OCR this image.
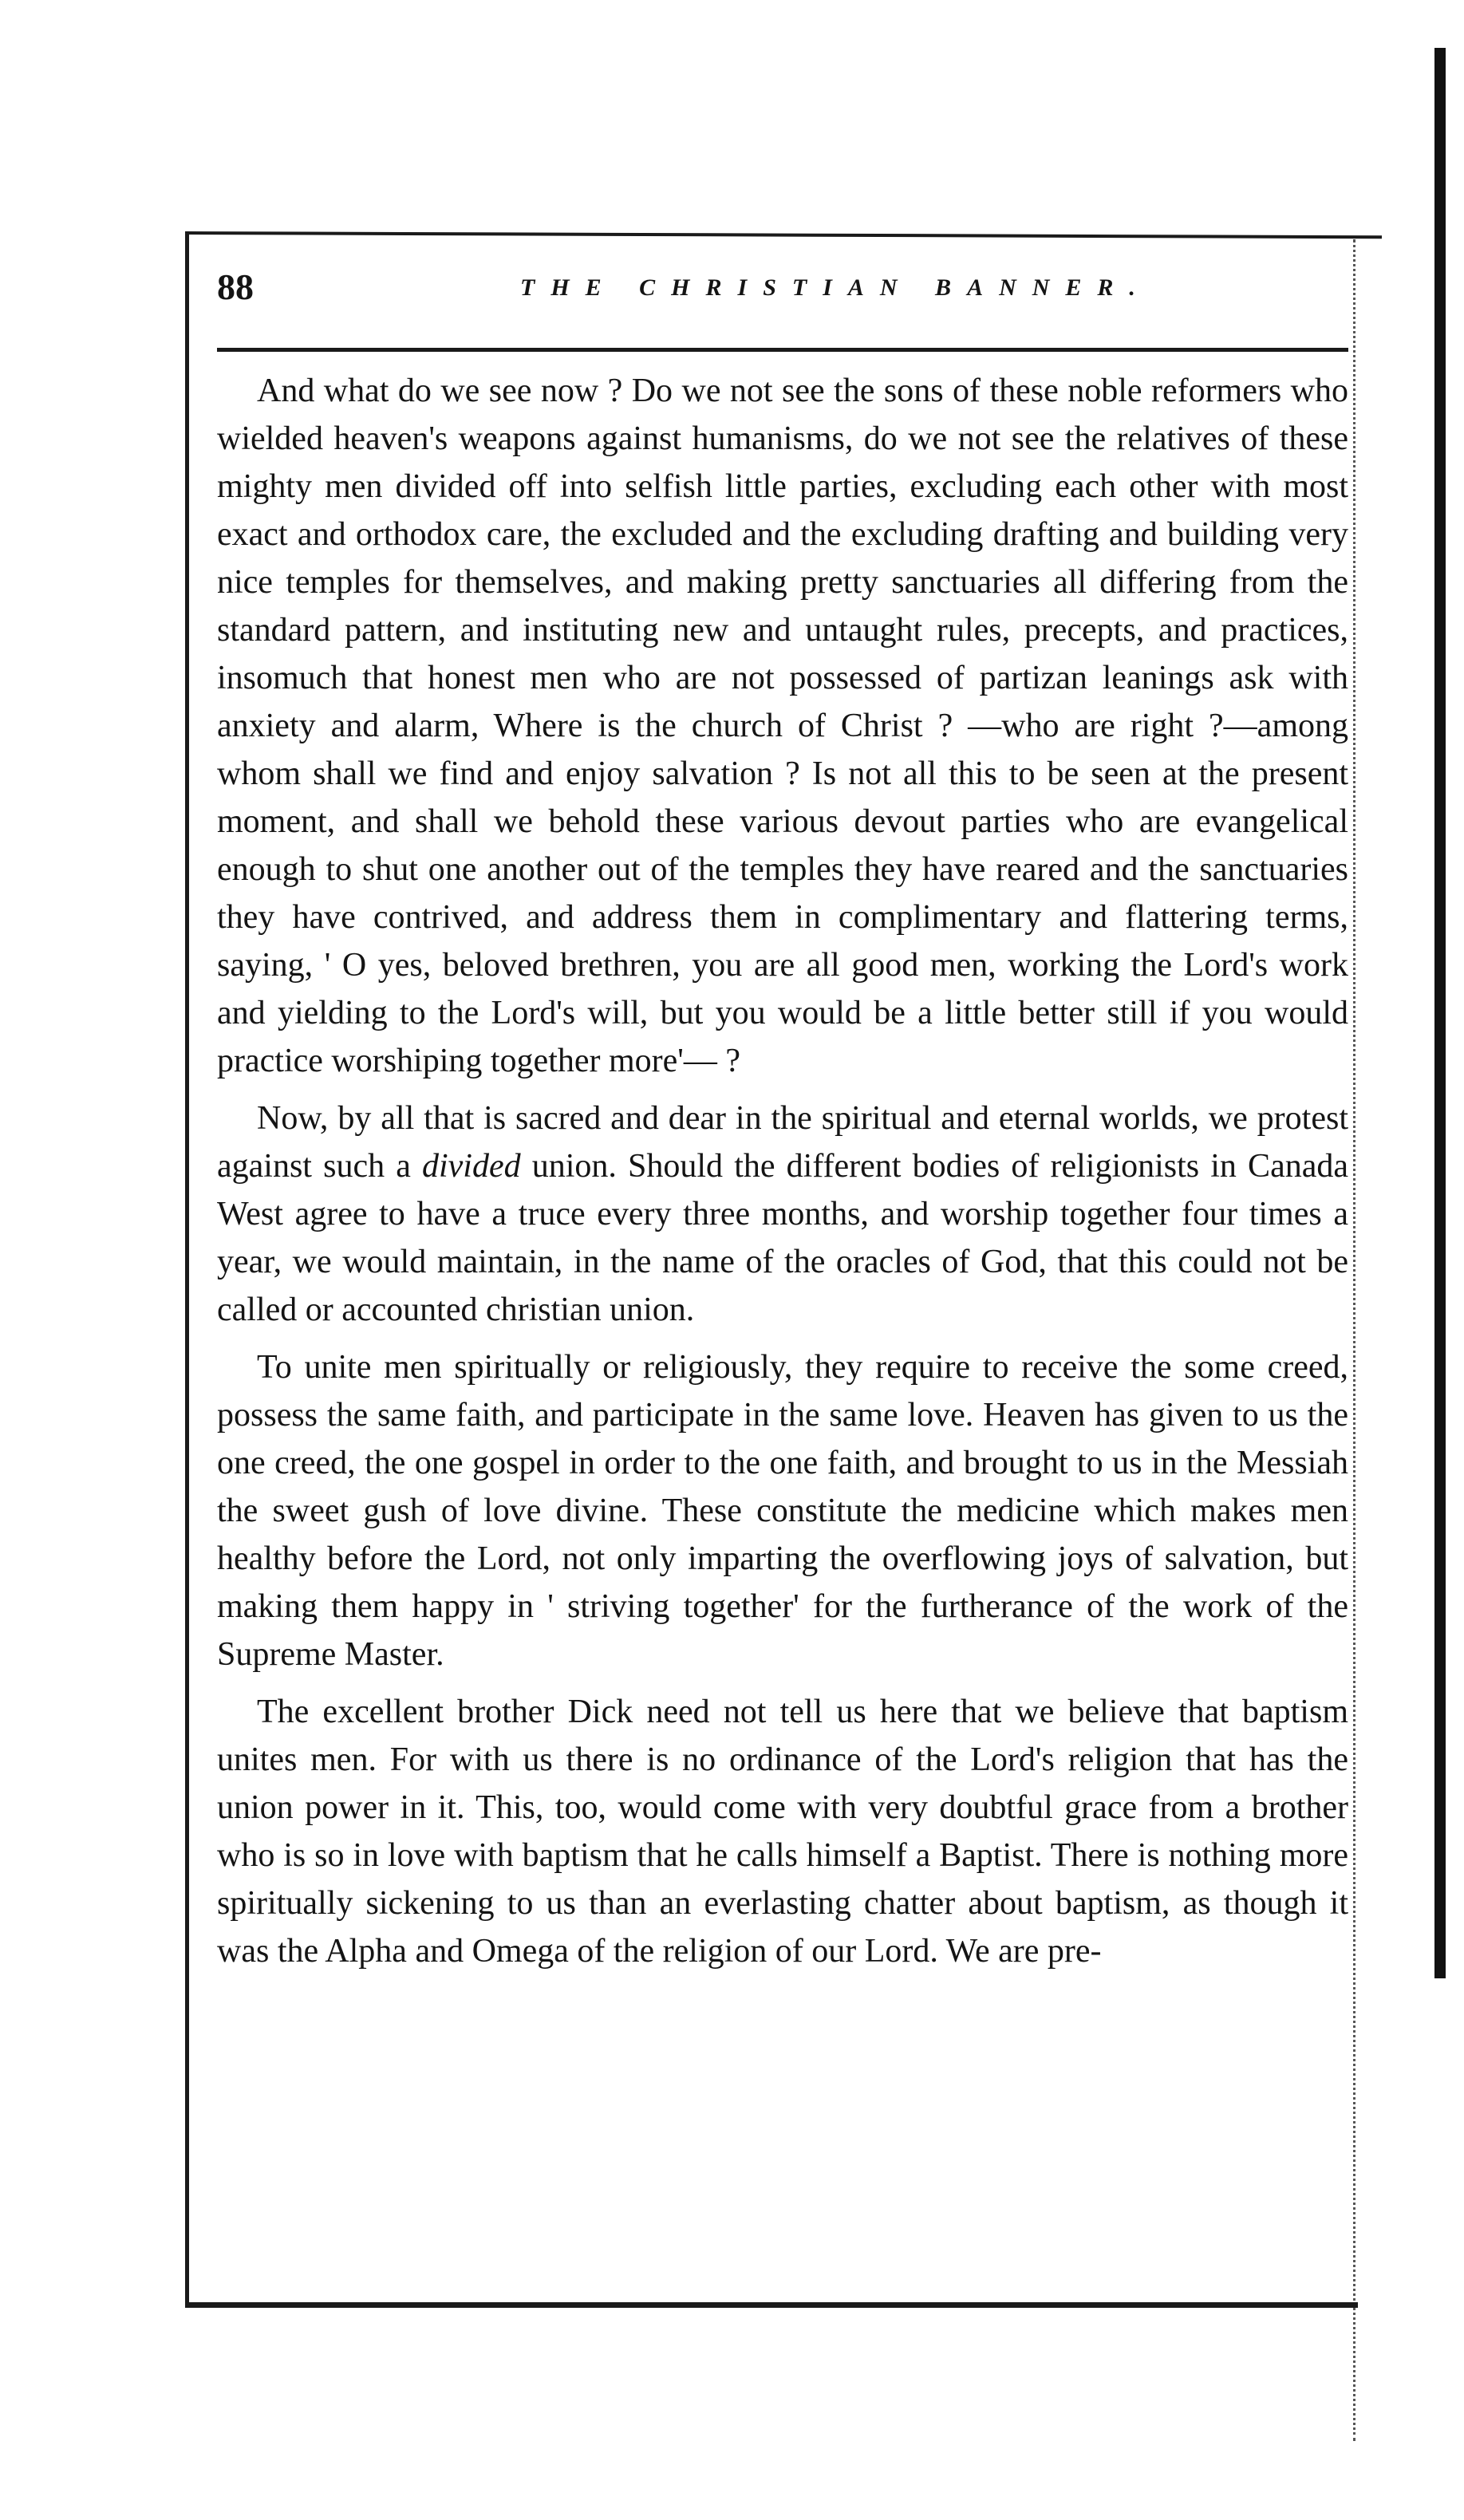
88	THE CHRISTIAN BANNER.

And what do we see now ? Do we not see the sons of these noble reformers who wielded heaven's weapons against humanisms, do we not see the relatives of these mighty men divided off into selfish little parties, excluding each other with most exact and orthodox care, the excluded and the excluding drafting and building very nice temples for themselves, and making pretty sanctuaries all differing from the standard pattern, and instituting new and untaught rules, precepts, and practices, insomuch that honest men who are not possessed of partizan leanings ask with anxiety and alarm, Where is the church of Christ ? —who are right ?—among whom shall we find and enjoy salvation ? Is not all this to be seen at the present moment, and shall we behold these various devout parties who are evangelical enough to shut one another out of the temples they have reared and the sanctuaries they have contrived, and address them in complimentary and flattering terms, saying, ' O yes, beloved brethren, you are all good men, working the Lord's work and yielding to the Lord's will, but you would be a little better still if you would practice worshiping together more'— ?

Now, by all that is sacred and dear in the spiritual and eternal worlds, we protest against such a divided union. Should the different bodies of religionists in Canada West agree to have a truce every three months, and worship together four times a year, we would maintain, in the name of the oracles of God, that this could not be called or accounted christian union.

To unite men spiritually or religiously, they require to receive the some creed, possess the same faith, and participate in the same love. Heaven has given to us the one creed, the one gospel in order to the one faith, and brought to us in the Messiah the sweet gush of love divine. These constitute the medicine which makes men healthy before the Lord, not only imparting the overflowing joys of salvation, but making them happy in ' striving together' for the furtherance of the work of the Supreme Master.

The excellent brother Dick need not tell us here that we believe that baptism unites men. For with us there is no ordinance of the Lord's religion that has the union power in it. This, too, would come with very doubtful grace from a brother who is so in love with baptism that he calls himself a Baptist. There is nothing more spiritually sickening to us than an everlasting chatter about baptism, as though it was the Alpha and Omega of the religion of our Lord. We are pre-
